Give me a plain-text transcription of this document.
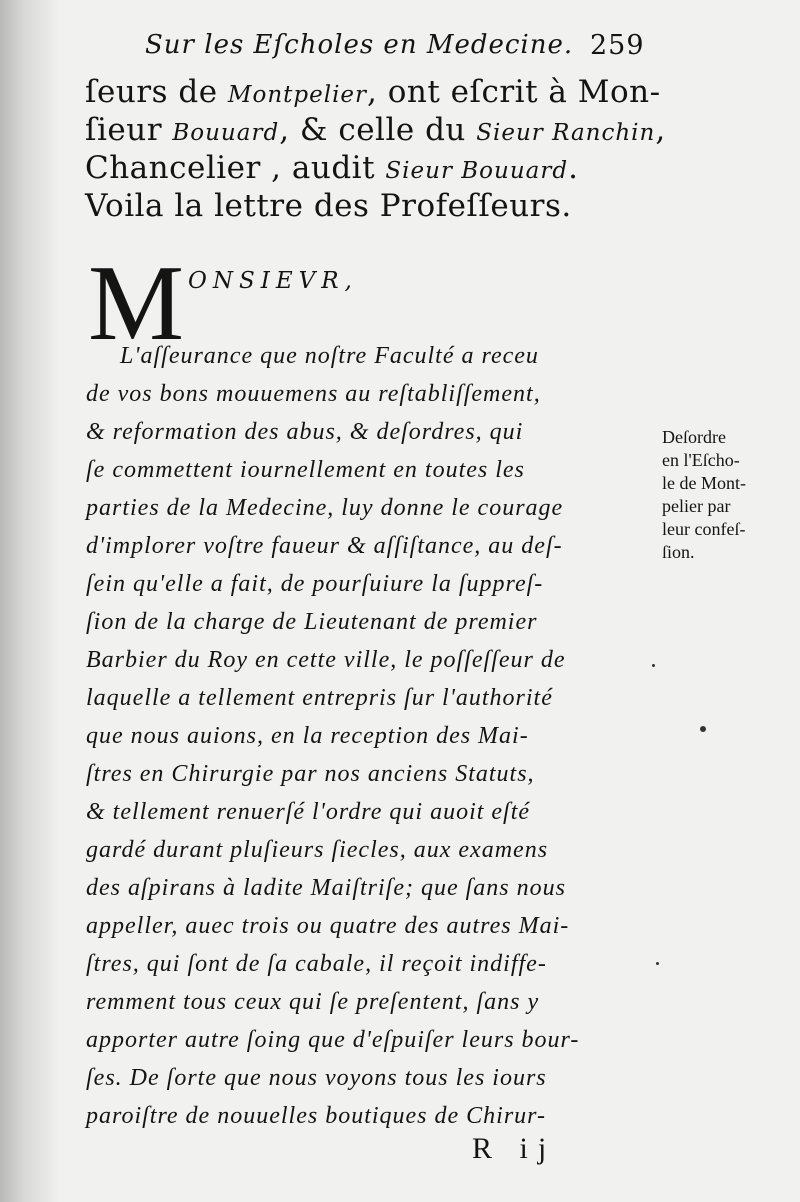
Sur les Eſcholes en Medecine. 259
ſeurs de Montpelier, ont eſcrit à Mon-
ſieur Bouuard, & celle du Sieur Ranchin,
Chancelier , audit Sieur Bouuard.
Voila la lettre des Profeſſeurs.
M ONSIEVR,
L'aſſeurance que noſtre Faculté a receu
de vos bons mouuemens au reſtabliſſement,
& reformation des abus, & deſordres, qui
ſe commettent iournellement en toutes les
parties de la Medecine, luy donne le courage
d'implorer voſtre faueur & aſſiſtance, au deſ-
ſein qu'elle a fait, de pourſuiure la ſuppreſ-
ſion de la charge de Lieutenant de premier
Barbier du Roy en cette ville, le poſſeſſeur de
laquelle a tellement entrepris ſur l'authorité
que nous auions, en la reception des Mai-
ſtres en Chirurgie par nos anciens Statuts,
& tellement renuerſé l'ordre qui auoit eſté
gardé durant pluſieurs ſiecles, aux examens
des aſpirans à ladite Maiſtriſe; que ſans nous
appeller, auec trois ou quatre des autres Mai-
ſtres, qui ſont de ſa cabale, il reçoit indiffe-
remment tous ceux qui ſe preſentent, ſans y
apporter autre ſoing que d'eſpuiſer leurs bour-
ſes. De ſorte que nous voyons tous les iours
paroiſtre de nouuelles boutiques de Chirur-
Deſordre
en l'Eſcho-
le de Mont-
pelier par
leur confeſ-
ſion.
R ij
